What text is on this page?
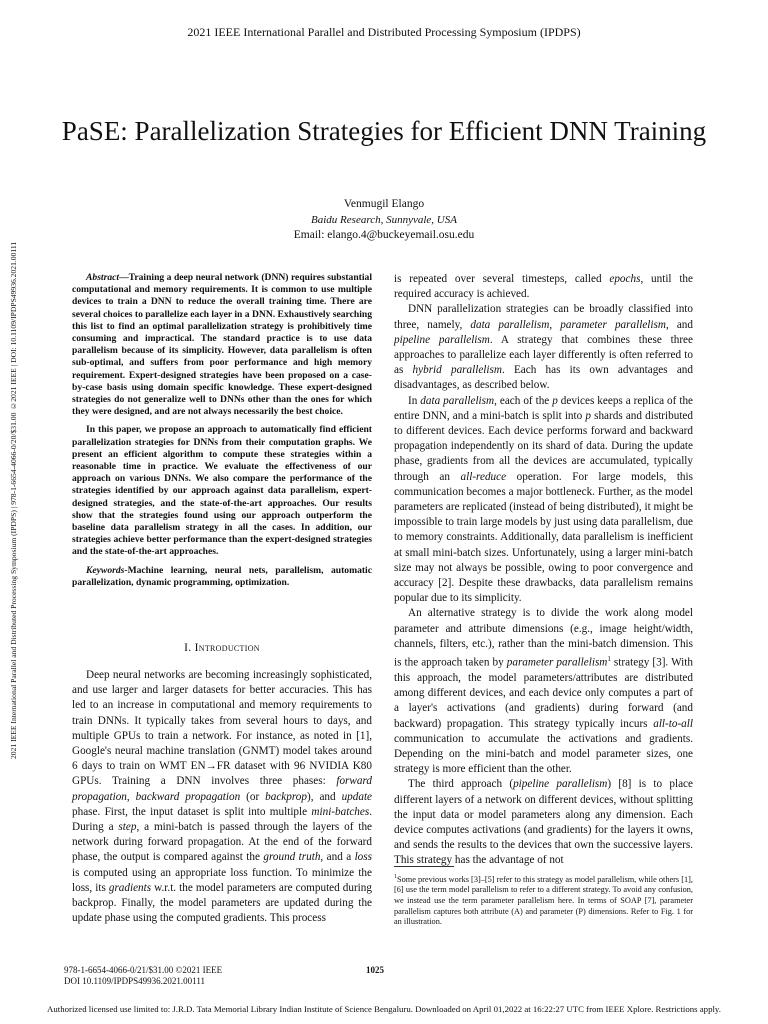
2021 IEEE International Parallel and Distributed Processing Symposium (IPDPS)
2021 IEEE International Parallel and Distributed Processing Symposium (IPDPS) | 978-1-6654-4066-0/20/$31.00 ©2021 IEEE | DOI: 10.1109/IPDPS49936.2021.00111
PaSE: Parallelization Strategies for Efficient DNN Training
Venmugil Elango
Baidu Research, Sunnyvale, USA
Email: elango.4@buckeyemail.osu.edu

Abstract—Training a deep neural network (DNN) requires substantial computational and memory requirements. It is common to use multiple devices to train a DNN to reduce the overall training time. There are several choices to parallelize each layer in a DNN. Exhaustively searching this list to find an optimal parallelization strategy is prohibitively time consuming and impractical. The standard practice is to use data parallelism because of its simplicity. However, data parallelism is often sub-optimal, and suffers from poor performance and high memory requirement. Expert-designed strategies have been proposed on a case-by-case basis using domain specific knowledge. These expert-designed strategies do not generalize well to DNNs other than the ones for which they were designed, and are not always necessarily the best choice.

In this paper, we propose an approach to automatically find efficient parallelization strategies for DNNs from their computation graphs. We present an efficient algorithm to compute these strategies within a reasonable time in practice. We evaluate the effectiveness of our approach on various DNNs. We also compare the performance of the strategies identified by our approach against data parallelism, expert-designed strategies, and the state-of-the-art approaches. Our results show that the strategies found using our approach outperform the baseline data parallelism strategy in all the cases. In addition, our strategies achieve better performance than the expert-designed strategies and the state-of-the-art approaches.

Keywords-Machine learning, neural nets, parallelism, automatic parallelization, dynamic programming, optimization.

I. Introduction

Deep neural networks are becoming increasingly sophisticated, and use larger and larger datasets for better accuracies. This has led to an increase in computational and memory requirements to train DNNs. It typically takes from several hours to days, and multiple GPUs to train a network. For instance, as noted in [1], Google's neural machine translation (GNMT) model takes around 6 days to train on WMT EN→FR dataset with 96 NVIDIA K80 GPUs. Training a DNN involves three phases: forward propagation, backward propagation (or backprop), and update phase. First, the input dataset is split into multiple mini-batches. During a step, a mini-batch is passed through the layers of the network during forward propagation. At the end of the forward phase, the output is compared against the ground truth, and a loss is computed using an appropriate loss function. To minimize the loss, its gradients w.r.t. the model parameters are computed during backprop. Finally, the model parameters are updated during the update phase using the computed gradients. This process

is repeated over several timesteps, called epochs, until the required accuracy is achieved.

DNN parallelization strategies can be broadly classified into three, namely, data parallelism, parameter parallelism, and pipeline parallelism. A strategy that combines these three approaches to parallelize each layer differently is often referred to as hybrid parallelism. Each has its own advantages and disadvantages, as described below.

In data parallelism, each of the p devices keeps a replica of the entire DNN, and a mini-batch is split into p shards and distributed to different devices. Each device performs forward and backward propagation independently on its shard of data. During the update phase, gradients from all the devices are accumulated, typically through an all-reduce operation. For large models, this communication becomes a major bottleneck. Further, as the model parameters are replicated (instead of being distributed), it might be impossible to train large models by just using data parallelism, due to memory constraints. Additionally, data parallelism is inefficient at small mini-batch sizes. Unfortunately, using a larger mini-batch size may not always be possible, owing to poor convergence and accuracy [2]. Despite these drawbacks, data parallelism remains popular due to its simplicity.

An alternative strategy is to divide the work along model parameter and attribute dimensions (e.g., image height/width, channels, filters, etc.), rather than the mini-batch dimension. This is the approach taken by parameter parallelism$^1$ strategy [3]. With this approach, the model parameters/attributes are distributed among different devices, and each device only computes a part of a layer's activations (and gradients) during forward (and backward) propagation. This strategy typically incurs all-to-all communication to accumulate the activations and gradients. Depending on the mini-batch and model parameter sizes, one strategy is more efficient than the other.

The third approach (pipeline parallelism) [8] is to place different layers of a network on different devices, without splitting the input data or model parameters along any dimension. Each device computes activations (and gradients) for the layers it owns, and sends the results to the devices that own the successive layers. This strategy has the advantage of not

$^1$Some previous works [3]–[5] refer to this strategy as model parallelism, while others [1], [6] use the term model parallelism to refer to a different strategy. To avoid any confusion, we instead use the term parameter parallelism here. In terms of SOAP [7], parameter parallelism captures both attribute (A) and parameter (P) dimensions. Refer to Fig. 1 for an illustration.
978-1-6654-4066-0/21/$31.00 ©2021 IEEE
DOI 10.1109/IPDPS49936.2021.00111
1025
Authorized licensed use limited to: J.R.D. Tata Memorial Library Indian Institute of Science Bengaluru. Downloaded on April 01,2022 at 16:22:27 UTC from IEEE Xplore. Restrictions apply.
